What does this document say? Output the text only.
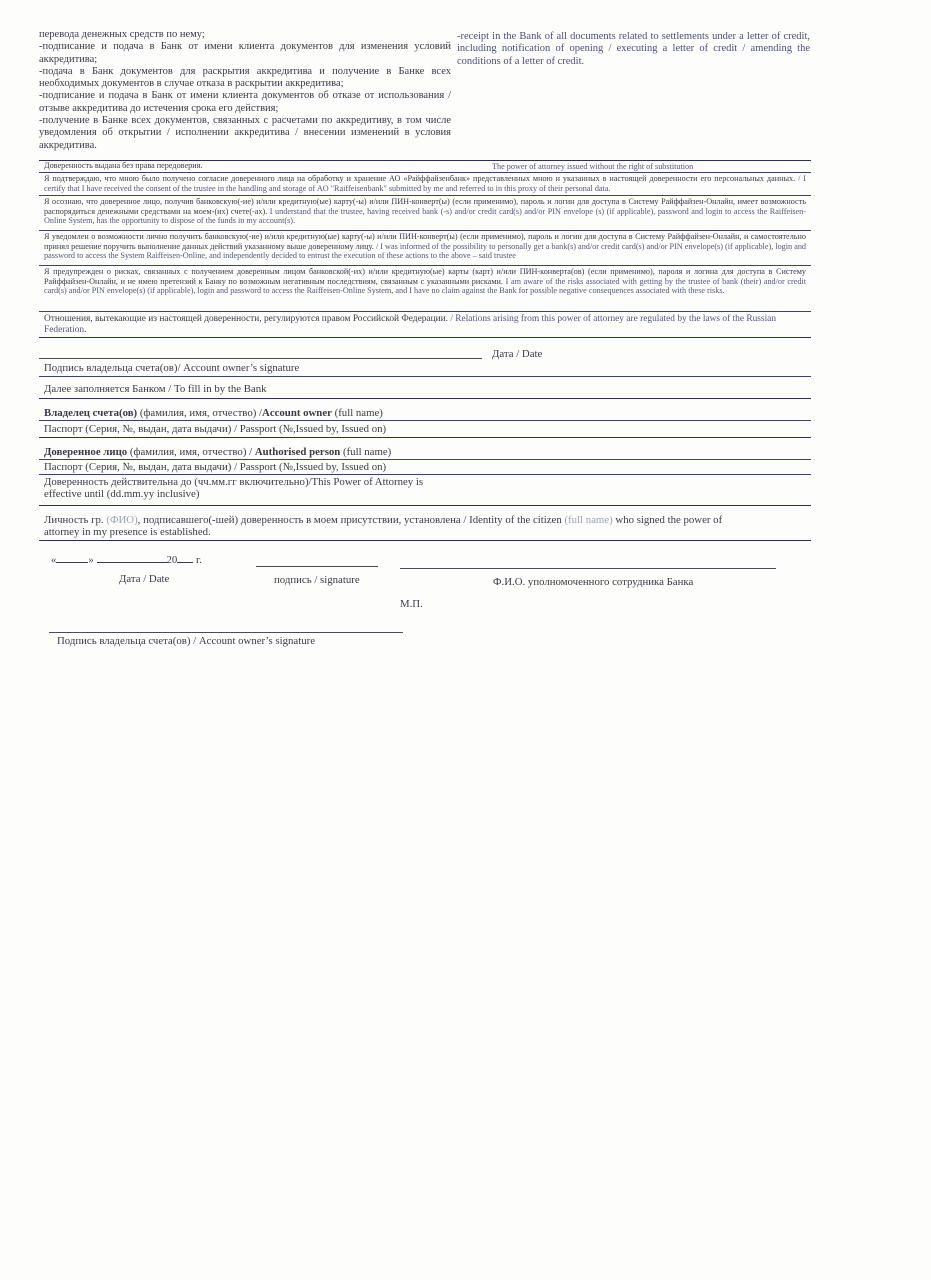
перевода денежных средств по нему;
-подписание и подача в Банк от имени клиента документов для изменения условий аккредитива;
-подача в Банк документов для раскрытия аккредитива и получение в Банке всех необходимых документов в случае отказа в раскрытии аккредитива;
-подписание и подача в Банк от имени клиента документов об отказе от использования / отзыве аккредитива до истечения срока его действия;
-получение в Банке всех документов, связанных с расчетами по аккредитиву, в том числе уведомления об открытии / исполнении аккредитива / внесении изменений в условия аккредитива.
-receipt in the Bank of all documents related to settlements under a letter of credit, including notification of opening / executing a letter of credit / amending the conditions of a letter of credit.
Доверенность выдана без права передоверия.	The power of attorney issued without the right of substitution
Я подтверждаю, что мною было получено согласие доверенного лица на обработку и хранение АО «Райффайзенбанк» представленных мною и указанных в настоящей доверенности его персональных данных. / I certify that I have received the consent of the trustee in the handling and storage of AO "Raiffeisenbank" submitted by me and referred to in this proxy of their personal data.
Я осознаю, что доверенное лицо, получив банковскую(-ие) и/или кредитную(ые) карту(-ы) и/или ПИН-конверт(ы) (если применимо), пароль и логин для доступа в Систему Райффайзен-Онлайн, имеет возможность распорядиться денежными средствами на моем-(их) счете(-ах). I understand that the trustee, having received bank (-s) and/or credit card(s) and/or PIN envelope (s) (if applicable), password and login to access the Raiffeisen- Online System, has the opportunity to dispose of the funds in my account(s).
Я уведомлен о возможности лично получить банковскую(-ие) и/или кредитную(ые) карту(-ы) и/или ПИН-конверт(ы) (если применимо), пароль и логин для доступа в Систему Райффайзен-Онлайн, и самостоятельно принял решение поручить выполнение данных действий указанному выше доверенному лицу. / I was informed of the possibility to personally get a bank(s) and/or credit card(s) and/or PIN envelope(s) (if applicable), login and password to access the System Raiffeisen-Online, and independently decided to entrust the execution of these actions to the above – said trustee
Я предупрежден о рисках, связанных с получением доверенным лицом банковской(-их) и/или кредитную(ые) карты (карт) и/или ПИН-конверта(ов) (если применимо), пароля и логина для доступа в Систему Райффайзен-Онлайн, и не имею претензий к Банку по возможным негативным последствиям, связанным с указанными рисками. I am aware of the risks associated with getting by the trustee of bank (their) and/or credit card(s) and/or PIN envelope(s) (if applicable), login and password to access the Raiffeisen-Online System, and I have no claim against the Bank for possible negative consequences associated with these risks.
Отношения, вытекающие из настоящей доверенности, регулируются правом Российской Федерации. / Relations arising from this power of attorney are regulated by the laws of the Russian Federation.
Дата / Date
Подпись владельца счета(ов)/ Account owner’s signature
Далее заполняется Банком / To fill in by the Bank
Владелец счета(ов) (фамилия, имя, отчество) /Account owner (full name)
Паспорт (Серия, №, выдан, дата выдачи) / Passport (№,Issued by, Issued on)
Доверенное лицо (фамилия, имя, отчество) / Authorised person (full name)
Паспорт (Серия, №, выдан, дата выдачи) / Passport (№,Issued by, Issued on)
Доверенность действительна до (чч.мм.гг включительно)/This Power of Attorney is
effective until (dd.mm.yy inclusive)
Личность гр. (ФИО), подписавшего(-шей) доверенность в моем присутствии, установлена / Identity of the citizen (full name) who signed the power of
attorney in my presence is established.
«	»	20 г.
Дата / Date	подпись / signature	Ф.И.О. уполномоченного сотрудника Банка
М.П.
Подпись владельца счета(ов) / Account owner’s signature
